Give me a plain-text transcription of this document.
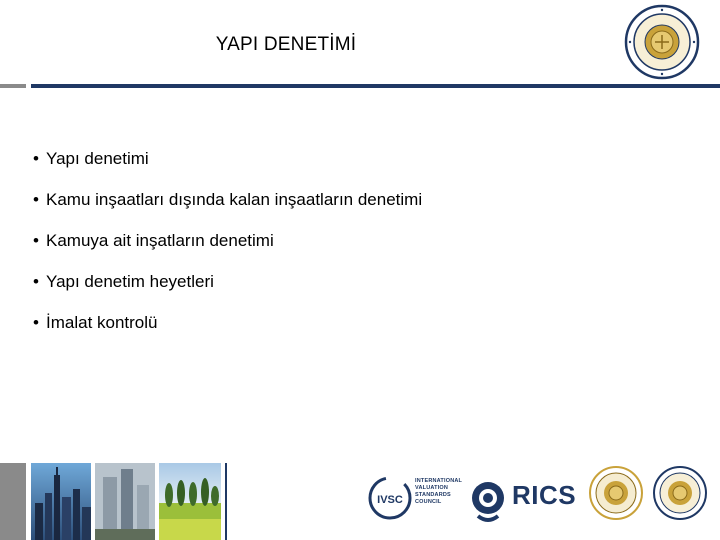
YAPI DENETİMİ
• Yapı denetimi
• Kamu inşaatları dışında kalan inşaatların denetimi
• Kamuya ait inşatların denetimi
• Yapı denetim heyetleri
• İmalat kontrolü
IVSC
INTERNATIONAL
VALUATION
STANDARDS
COUNCIL	RICS
